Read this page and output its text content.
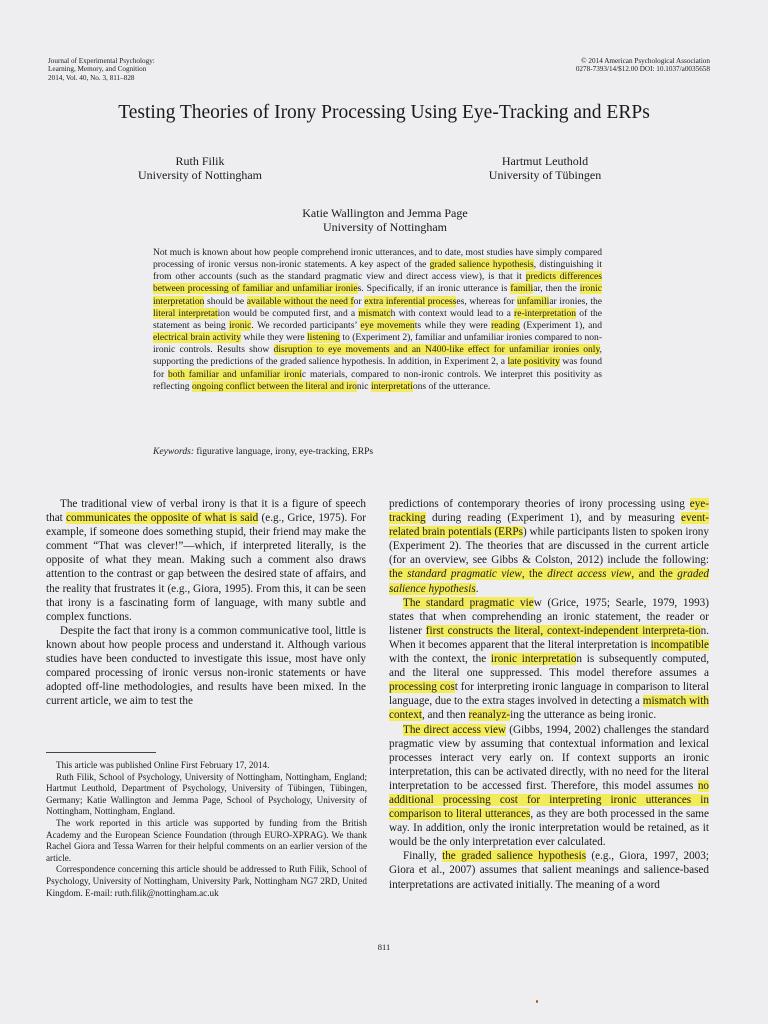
Journal of Experimental Psychology:
Learning, Memory, and Cognition
2014, Vol. 40, No. 3, 811–828
© 2014 American Psychological Association
0278-7393/14/$12.00 DOI: 10.1037/a0035658
Testing Theories of Irony Processing Using Eye-Tracking and ERPs
Ruth Filik
University of Nottingham
Hartmut Leuthold
University of Tübingen
Katie Wallington and Jemma Page
University of Nottingham

Not much is known about how people comprehend ironic utterances, and to date, most studies have simply compared processing of ironic versus non-ironic statements. A key aspect of the graded salience hypothesis, distinguishing it from other accounts (such as the standard pragmatic view and direct access view), is that it predicts differences between processing of familiar and unfamiliar ironies. Specifically, if an ironic utterance is familiar, then the ironic interpretation should be available without the need for extra inferential processes, whereas for unfamiliar ironies, the literal interpretation would be computed first, and a mismatch with context would lead to a re-interpretation of the statement as being ironic. We recorded participants’ eye movements while they were reading (Experiment 1), and electrical brain activity while they were listening to (Experiment 2), familiar and unfamiliar ironies compared to non-ironic controls. Results show disruption to eye movements and an N400-like effect for unfamiliar ironies only, supporting the predictions of the graded salience hypothesis. In addition, in Experiment 2, a late positivity was found for both familiar and unfamiliar ironic materials, compared to non-ironic controls. We interpret this positivity as reflecting ongoing conflict between the literal and ironic interpretations of the utterance.

Keywords: figurative language, irony, eye-tracking, ERPs

The traditional view of verbal irony is that it is a figure of speech that communicates the opposite of what is said (e.g., Grice, 1975). For example, if someone does something stupid, their friend may make the comment “That was clever!”—which, if interpreted literally, is the opposite of what they mean. Making such a comment also draws attention to the contrast or gap between the desired state of affairs, and the reality that frustrates it (e.g., Giora, 1995). From this, it can be seen that irony is a fascinating form of language, with many subtle and complex functions.

Despite the fact that irony is a common communicative tool, little is known about how people process and understand it. Although various studies have been conducted to investigate this issue, most have only compared processing of ironic versus non-ironic statements or have adopted off-line methodologies, and results have been mixed. In the current article, we aim to test the

This article was published Online First February 17, 2014.

Ruth Filik, School of Psychology, University of Nottingham, Nottingham, England; Hartmut Leuthold, Department of Psychology, University of Tübingen, Tübingen, Germany; Katie Wallington and Jemma Page, School of Psychology, University of Nottingham, Nottingham, England.

The work reported in this article was supported by funding from the British Academy and the European Science Foundation (through EURO-XPRAG). We thank Rachel Giora and Tessa Warren for their helpful comments on an earlier version of the article.

Correspondence concerning this article should be addressed to Ruth Filik, School of Psychology, University of Nottingham, University Park, Nottingham NG7 2RD, United Kingdom. E-mail: ruth.filik@nottingham.ac.uk

predictions of contemporary theories of irony processing using eye-tracking during reading (Experiment 1), and by measuring event-related brain potentials (ERPs) while participants listen to spoken irony (Experiment 2). The theories that are discussed in the current article (for an overview, see Gibbs & Colston, 2012) include the following: the standard pragmatic view, the direct access view, and the graded salience hypothesis.

The standard pragmatic view (Grice, 1975; Searle, 1979, 1993) states that when comprehending an ironic statement, the reader or listener first constructs the literal, context-independent interpreta-tion. When it becomes apparent that the literal interpretation is incompatible with the context, the ironic interpretation is subsequently computed, and the literal one suppressed. This model therefore assumes a processing cost for interpreting ironic language in comparison to literal language, due to the extra stages involved in detecting a mismatch with context, and then reanalyz-ing the utterance as being ironic.

The direct access view (Gibbs, 1994, 2002) challenges the standard pragmatic view by assuming that contextual information and lexical processes interact very early on. If context supports an ironic interpretation, this can be activated directly, with no need for the literal interpretation to be accessed first. Therefore, this model assumes no additional processing cost for interpreting ironic utterances in comparison to literal utterances, as they are both processed in the same way. In addition, only the ironic interpretation would be retained, as it would be the only interpretation ever calculated.

Finally, the graded salience hypothesis (e.g., Giora, 1997, 2003; Giora et al., 2007) assumes that salient meanings and salience-based interpretations are activated initially. The meaning of a word

811
